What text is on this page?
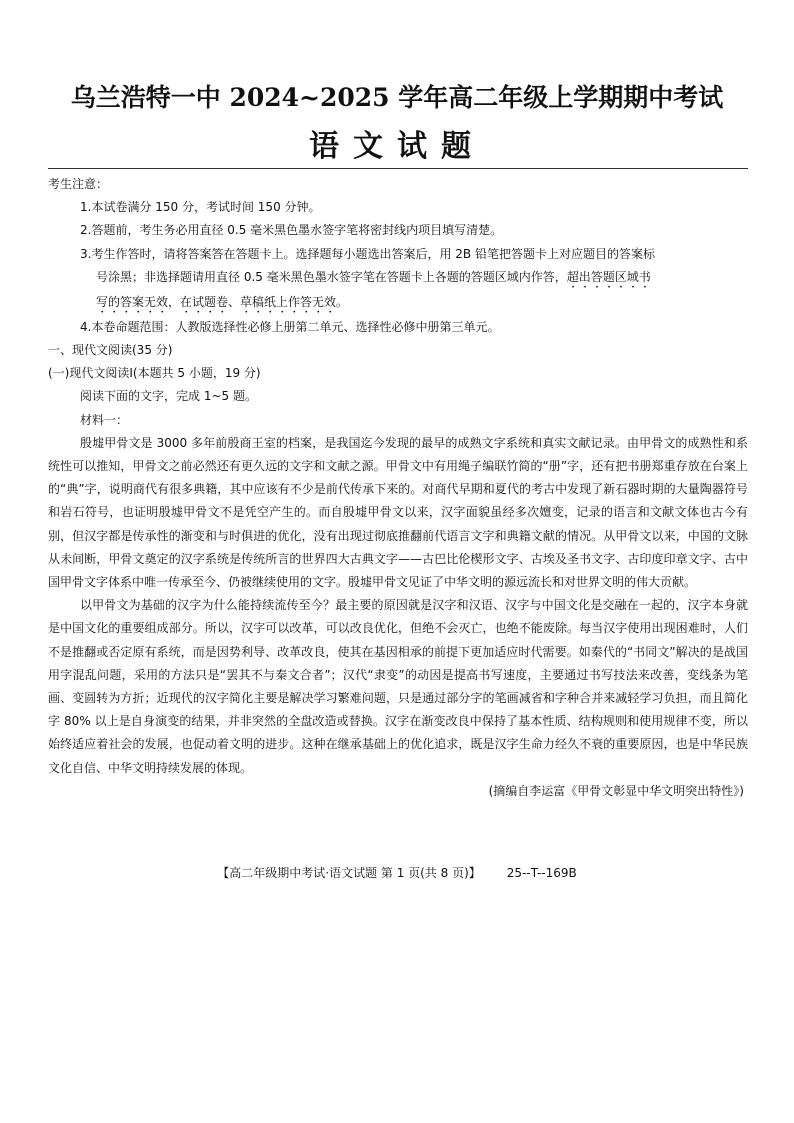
乌兰浩特一中 2024~2025 学年高二年级上学期期中考试
语文试题

考生注意：

1.本试卷满分 150 分，考试时间 150 分钟。

2.答题前，考生务必用直径 0.5 毫米黑色墨水签字笔将密封线内项目填写清楚。

3.考生作答时，请将答案答在答题卡上。选择题每小题选出答案后，用 2B 铅笔把答题卡上对应题目的答案标

号涂黑；非选择题请用直径 0.5 毫米黑色墨水签字笔在答题卡上各题的答题区域内作答，超出答题区域书

写的答案无效，在试题卷、草稿纸上作答无效。

4.本卷命题范围：人教版选择性必修上册第二单元、选择性必修中册第三单元。

一、现代文阅读(35 分)

(一)现代文阅读Ⅰ(本题共 5 小题，19 分)

阅读下面的文字，完成 1~5 题。

材料一：

殷墟甲骨文是 3000 多年前殷商王室的档案，是我国迄今发现的最早的成熟文字系统和真实文献记录。由甲骨文的成熟性和系统性可以推知，甲骨文之前必然还有更久远的文字和文献之源。甲骨文中有用绳子编联竹简的“册”字，还有把书册郑重存放在台案上的“典”字，说明商代有很多典籍，其中应该有不少是前代传承下来的。对商代早期和夏代的考古中发现了新石器时期的大量陶器符号和岩石符号，也证明殷墟甲骨文不是凭空产生的。而自殷墟甲骨文以来，汉字面貌虽经多次嬗变，记录的语言和文献文体也古今有别，但汉字都是传承性的渐变和与时俱进的优化，没有出现过彻底推翻前代语言文字和典籍文献的情况。从甲骨文以来，中国的文脉从未间断，甲骨文奠定的汉字系统是传统所言的世界四大古典文字——古巴比伦楔形文字、古埃及圣书文字、古印度印章文字、古中国甲骨文字体系中唯一传承至今、仍被继续使用的文字。殷墟甲骨文见证了中华文明的源远流长和对世界文明的伟大贡献。

以甲骨文为基础的汉字为什么能持续流传至今？最主要的原因就是汉字和汉语、汉字与中国文化是交融在一起的，汉字本身就是中国文化的重要组成部分。所以，汉字可以改革，可以改良优化，但绝不会灭亡，也绝不能废除。每当汉字使用出现困难时，人们不是推翻或否定原有系统，而是因势利导、改革改良，使其在基因相承的前提下更加适应时代需要。如秦代的“书同文”解决的是战国用字混乱问题，采用的方法只是“罢其不与秦文合者”；汉代“隶变”的动因是提高书写速度，主要通过书写技法来改善，变线条为笔画、变圆转为方折；近现代的汉字简化主要是解决学习繁难问题，只是通过部分字的笔画减省和字种合并来减轻学习负担，而且简化字 80% 以上是自身演变的结果，并非突然的全盘改造或替换。汉字在渐变改良中保持了基本性质、结构规则和使用规律不变，所以始终适应着社会的发展，也促动着文明的进步。这种在继承基础上的优化追求，既是汉字生命力经久不衰的重要原因，也是中华民族文化自信、中华文明持续发展的体现。

(摘编自李运富《甲骨文彰显中华文明突出特性》)

【高二年级期中考试·语文试题 第 1 页(共 8 页)】 25--T--169B
